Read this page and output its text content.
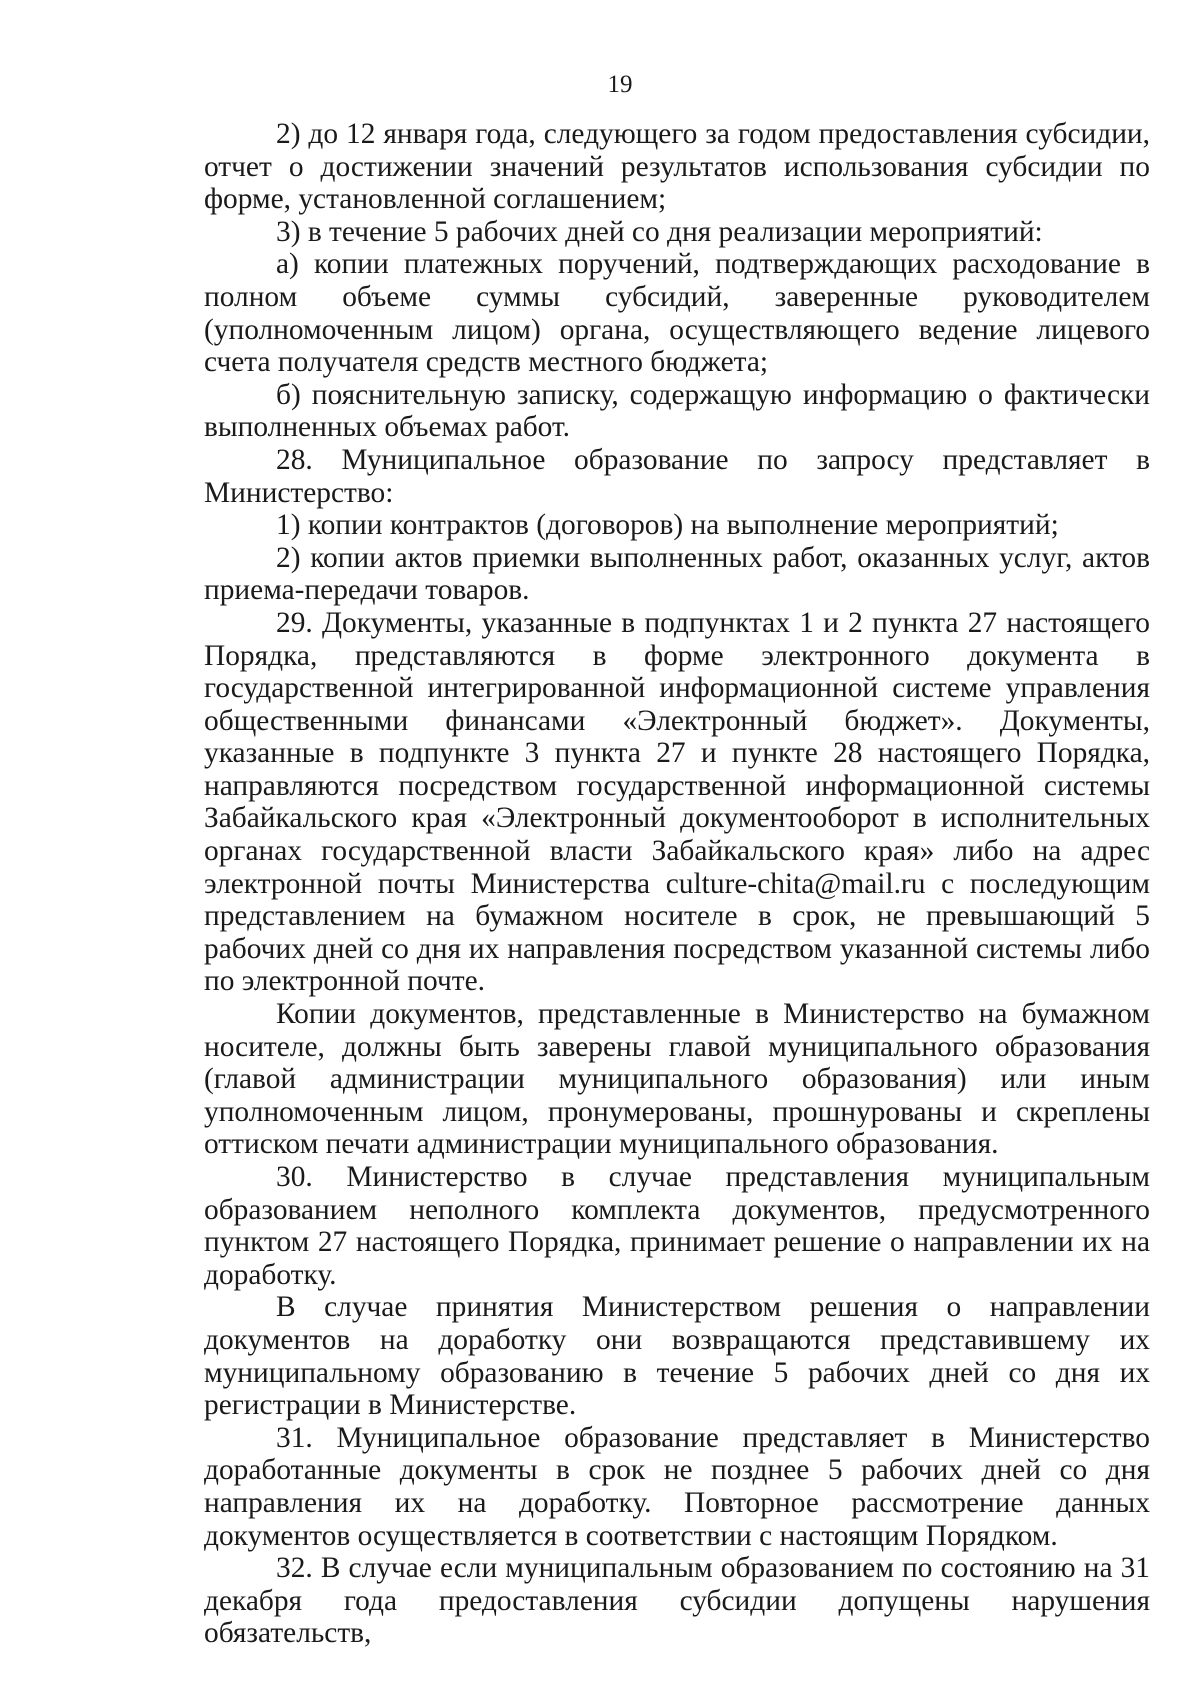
19

2) до 12 января года, следующего за годом предоставления субсидии, отчет о достижении значений результатов использования субсидии по форме, установленной соглашением;

3) в течение 5 рабочих дней со дня реализации мероприятий:

а) копии платежных поручений, подтверждающих расходование в полном объеме суммы субсидий, заверенные руководителем (уполномоченным лицом) органа, осуществляющего ведение лицевого счета получателя средств местного бюджета;

б) пояснительную записку, содержащую информацию о фактически выполненных объемах работ.

28. Муниципальное образование по запросу представляет в Министерство:

1) копии контрактов (договоров) на выполнение мероприятий;

2) копии актов приемки выполненных работ, оказанных услуг, актов приема-передачи товаров.

29. Документы, указанные в подпунктах 1 и 2 пункта 27 настоящего Порядка, представляются в форме электронного документа в государственной интегрированной информационной системе управления общественными финансами «Электронный бюджет». Документы, указанные в подпункте 3 пункта 27 и пункте 28 настоящего Порядка, направляются посредством государственной информационной системы Забайкальского края «Электронный документооборот в исполнительных органах государственной власти Забайкальского края» либо на адрес электронной почты Министерства culture-chita@mail.ru с последующим представлением на бумажном носителе в срок, не превышающий 5 рабочих дней со дня их направления посредством указанной системы либо по электронной почте.

Копии документов, представленные в Министерство на бумажном носителе, должны быть заверены главой муниципального образования (главой администрации муниципального образования) или иным уполномоченным лицом, пронумерованы, прошнурованы и скреплены оттиском печати администрации муниципального образования.

30. Министерство в случае представления муниципальным образованием неполного комплекта документов, предусмотренного пунктом 27 настоящего Порядка, принимает решение о направлении их на доработку.

В случае принятия Министерством решения о направлении документов на доработку они возвращаются представившему их муниципальному образованию в течение 5 рабочих дней со дня их регистрации в Министерстве.

31. Муниципальное образование представляет в Министерство доработанные документы в срок не позднее 5 рабочих дней со дня направления их на доработку. Повторное рассмотрение данных документов осуществляется в соответствии с настоящим Порядком.

32. В случае если муниципальным образованием по состоянию на 31 декабря года предоставления субсидии допущены нарушения обязательств,
